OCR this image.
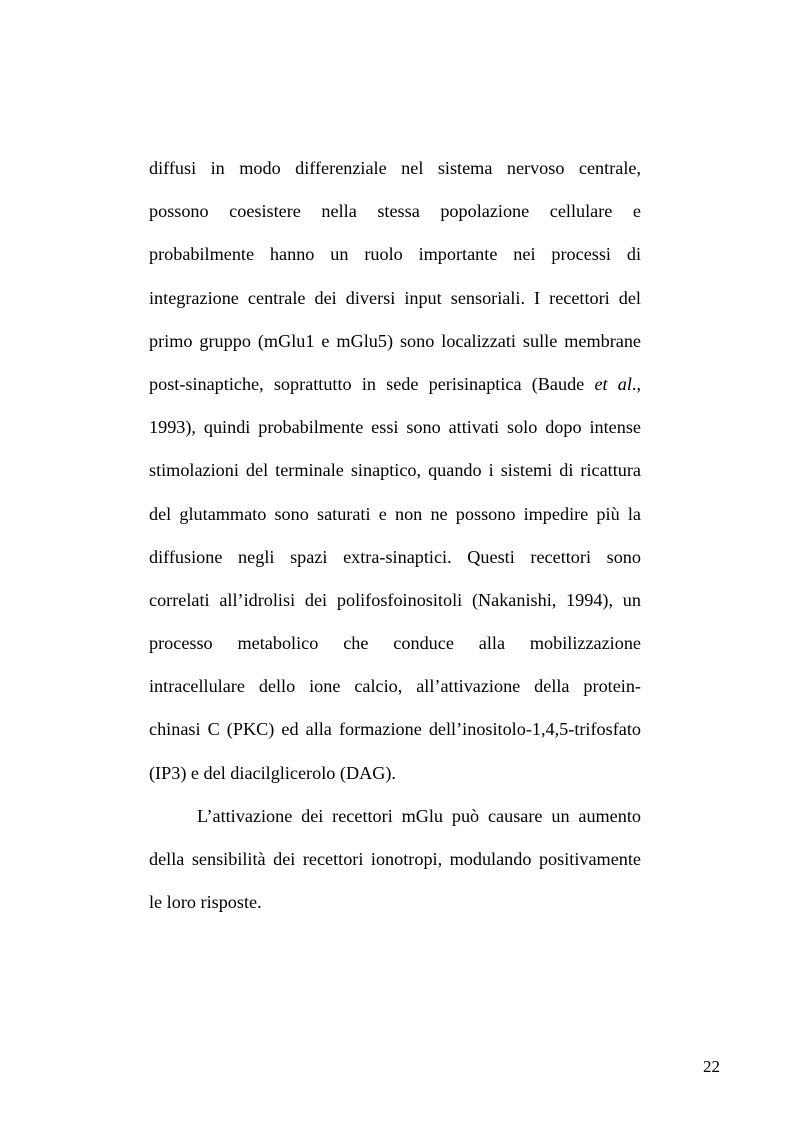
diffusi in modo differenziale nel sistema nervoso centrale,
possono coesistere nella stessa popolazione cellulare e
probabilmente hanno un ruolo importante nei processi di
integrazione centrale dei diversi input sensoriali. I recettori del
primo gruppo (mGlu1 e mGlu5) sono localizzati sulle membrane
post-sinaptiche, soprattutto in sede perisinaptica (Baude et al.,
1993), quindi probabilmente essi sono attivati solo dopo intense
stimolazioni del terminale sinaptico, quando i sistemi di ricattura
del glutammato sono saturati e non ne possono impedire più la
diffusione negli spazi extra-sinaptici. Questi recettori sono
correlati all’idrolisi dei polifosfoinositoli (Nakanishi, 1994), un
processo metabolico che conduce alla mobilizzazione
intracellulare dello ione calcio, all’attivazione della protein-
chinasi C (PKC) ed alla formazione dell’inositolo-1,4,5-trifosfato
(IP3) e del diacilglicerolo (DAG).
L’attivazione dei recettori mGlu può causare un aumento
della sensibilità dei recettori ionotropi, modulando positivamente
le loro risposte.
22
